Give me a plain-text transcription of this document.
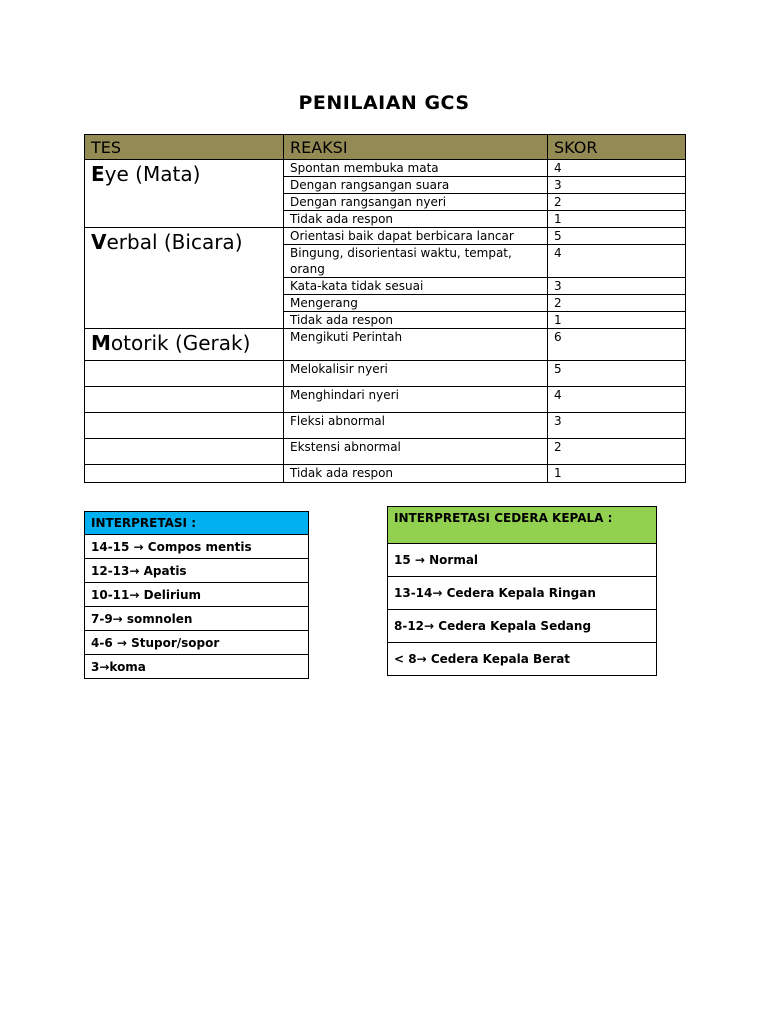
PENILAIAN GCS
TES	REAKSI	SKOR
Eye (Mata)	Spontan membuka mata	4
	Dengan rangsangan suara	3
	Dengan rangsangan nyeri	2
	Tidak ada respon	1
Verbal (Bicara)	Orientasi baik dapat berbicara lancar	5
	Bingung, disorientasi waktu, tempat, orang	4
	Kata-kata tidak sesuai	3
	Mengerang	2
	Tidak ada respon	1
Motorik (Gerak)	Mengikuti Perintah	6
	Melokalisir nyeri	5
	Menghindari nyeri	4
	Fleksi abnormal	3
	Ekstensi abnormal	2
	Tidak ada respon	1
INTERPRETASI :
14-15 → Compos mentis
12-13→ Apatis
10-11→ Delirium
7-9→ somnolen
4-6 → Stupor/sopor
3→koma
INTERPRETASI CEDERA KEPALA :
15 → Normal
13-14→ Cedera Kepala Ringan
8-12→ Cedera Kepala Sedang
< 8→ Cedera Kepala Berat
